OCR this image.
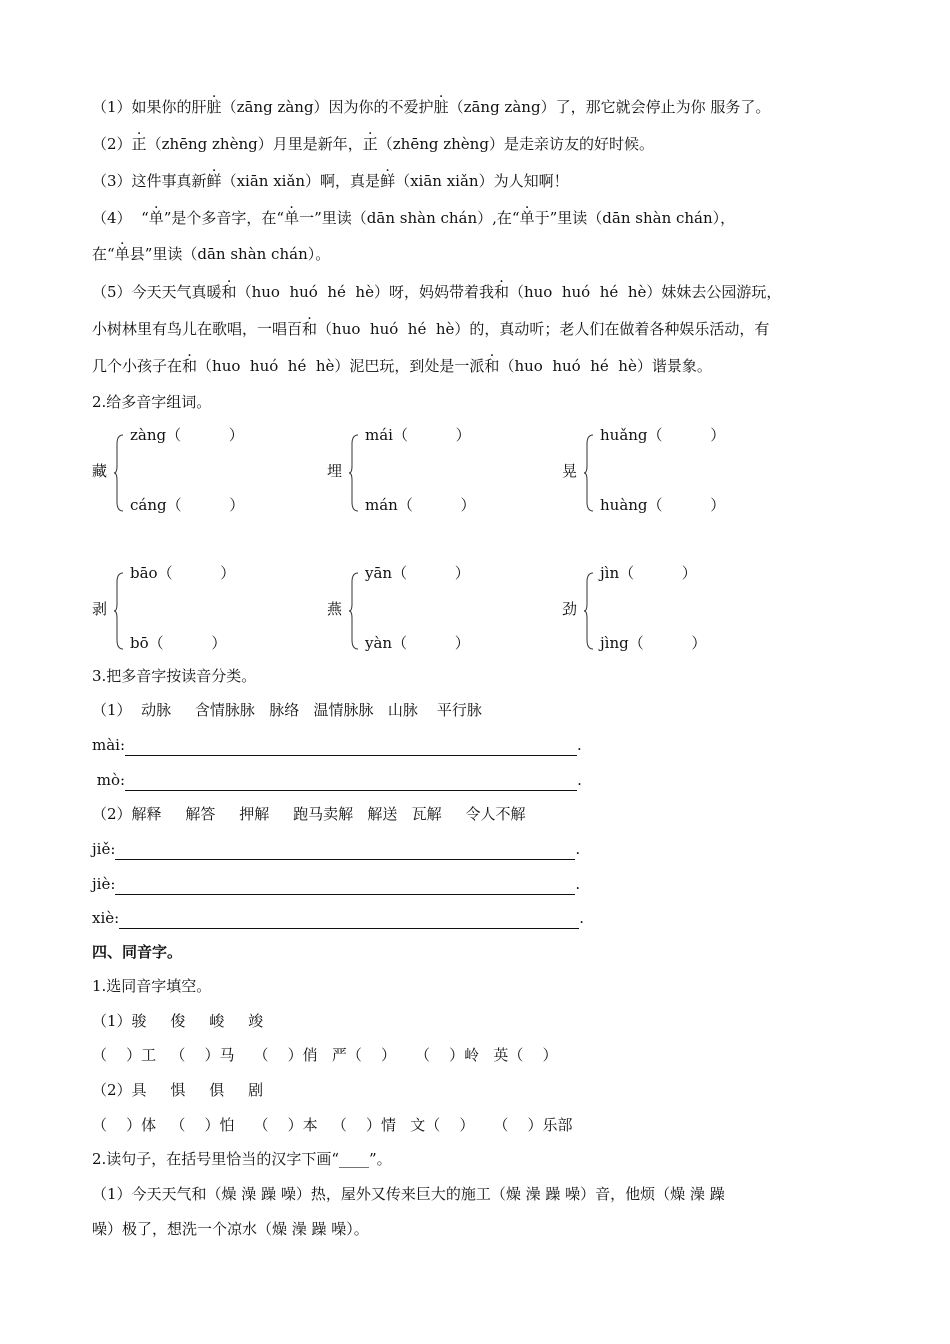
（1）如果你的肝脏（zāng zàng）因为你的不爱护脏（zāng zàng）了，那它就会停止为你 服务了。
（2）正（zhēng zhèng）月里是新年，正（zhēng zhèng）是走亲访友的好时候。
（3）这件事真新鲜（xiān xiǎn）啊，真是鲜（xiān xiǎn）为人知啊！
（4）  “单”是个多音字，在“单一”里读（dān shàn chán）,在“单于”里读（dān shàn chán），
在“单县”里读（dān shàn chán）。
（5）今天天气真暖和（huo  huó  hé  hè）呀，妈妈带着我和（huo  huó  hé  hè）妹妹去公园游玩，
小树林里有鸟儿在歌唱，一唱百和（huo  huó  hé  hè）的，真动听；老人们在做着各种娱乐活动，有
几个小孩子在和（huo  huó  hé  hè）泥巴玩，到处是一派和（huo  huó  hé  hè）谐景象。
2.给多音字组词。
藏
zàng（          ）
cáng（          ）
埋
mái（          ）
mán（          ）
晃
huǎng（          ）
huàng（          ）
剥
bāo（          ）
bō（          ）
燕
yān（          ）
yàn（          ）
劲
jìn（          ）
jìng（          ）
3.把多音字按读音分类。
（1）  动脉     含情脉脉   脉络   温情脉脉   山脉    平行脉
mài:	.
mò:	.
（2）解释     解答     押解     跑马卖解   解送   瓦解     令人不解
jiě:	.
jiè:	.
xiè:	.
四、同音字。
1.选同音字填空。
（1）骏     俊     峻     竣
（    ）工   （    ）马    （    ）俏   严（    ）    （    ）岭   英（    ）
（2）具     惧     俱     剧
（    ）体   （    ）怕    （    ）本   （    ）情   文（    ）    （    ）乐部
2.读句子，在括号里恰当的汉字下画“____”。
（1）今天天气和（燥 澡 躁 噪）热，屋外又传来巨大的施工（燥 澡 躁 噪）音，他烦（燥 澡 躁
噪）极了，想洗一个凉水（燥 澡 躁 噪）。
